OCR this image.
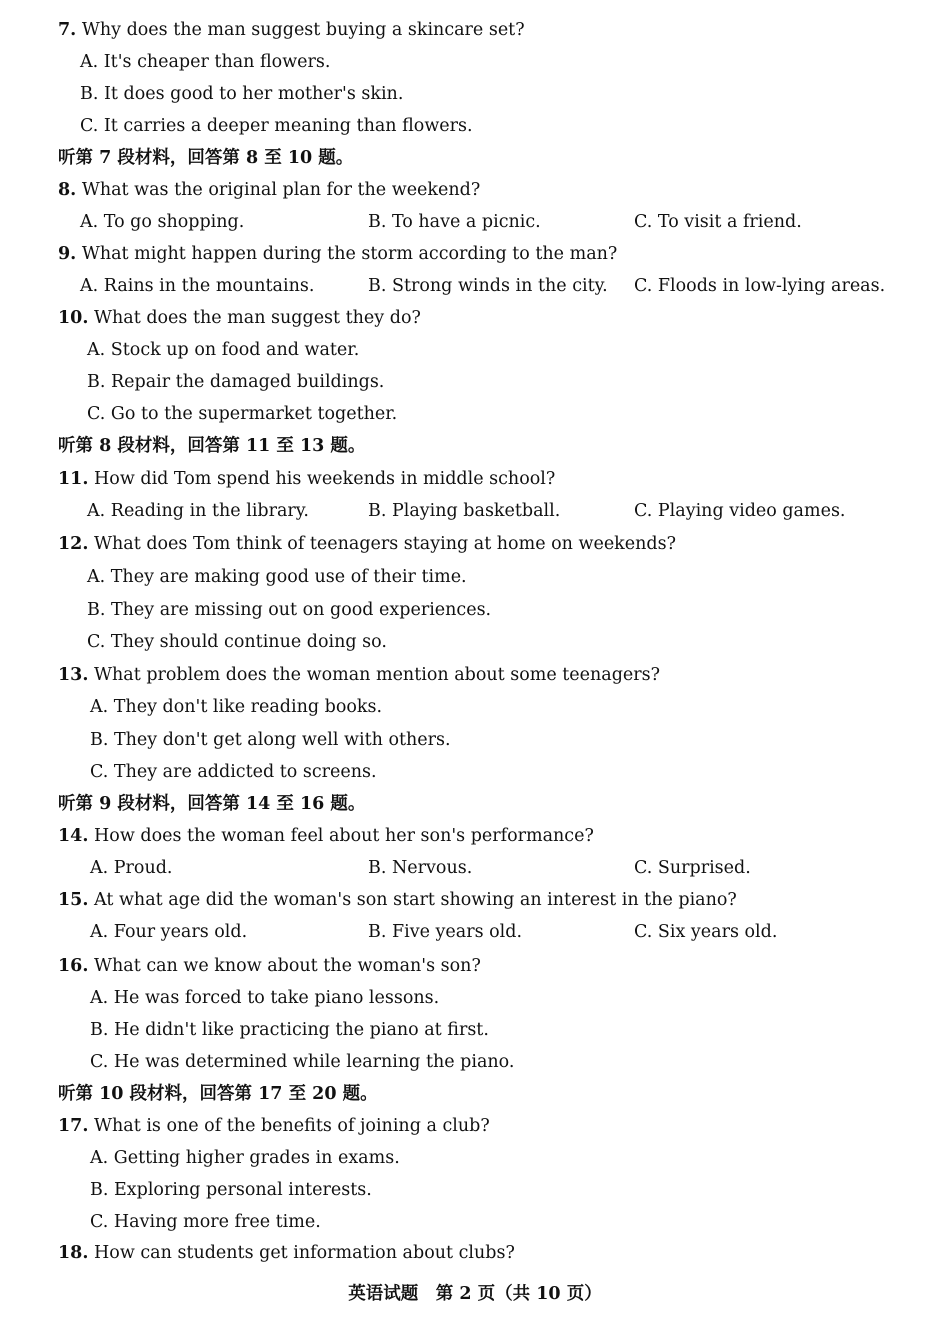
7. Why does the man suggest buying a skincare set?
A. It's cheaper than flowers.
B. It does good to her mother's skin.
C. It carries a deeper meaning than flowers.
听第 7 段材料，回答第 8 至 10 题。
8. What was the original plan for the weekend?
A. To go shopping.	B. To have a picnic.	C. To visit a friend.
9. What might happen during the storm according to the man?
A. Rains in the mountains.	B. Strong winds in the city. C. Floods in low-lying areas.
10. What does the man suggest they do?
A. Stock up on food and water.
B. Repair the damaged buildings.
C. Go to the supermarket together.
听第 8 段材料，回答第 11 至 13 题。
11. How did Tom spend his weekends in middle school?
A. Reading in the library.	B. Playing basketball.	C. Playing video games.
12. What does Tom think of teenagers staying at home on weekends?
A. They are making good use of their time.
B. They are missing out on good experiences.
C. They should continue doing so.
13. What problem does the woman mention about some teenagers?
A. They don't like reading books.
B. They don't get along well with others.
C. They are addicted to screens.
听第 9 段材料，回答第 14 至 16 题。
14. How does the woman feel about her son's performance?
A. Proud.	B. Nervous.	C. Surprised.
15. At what age did the woman's son start showing an interest in the piano?
A. Four years old.	B. Five years old.	C. Six years old.
16. What can we know about the woman's son?
A. He was forced to take piano lessons.
B. He didn't like practicing the piano at first.
C. He was determined while learning the piano.
听第 10 段材料，回答第 17 至 20 题。
17. What is one of the benefits of joining a club?
A. Getting higher grades in exams.
B. Exploring personal interests.
C. Having more free time.
18. How can students get information about clubs?
英语试题　第 2 页（共 10 页）
